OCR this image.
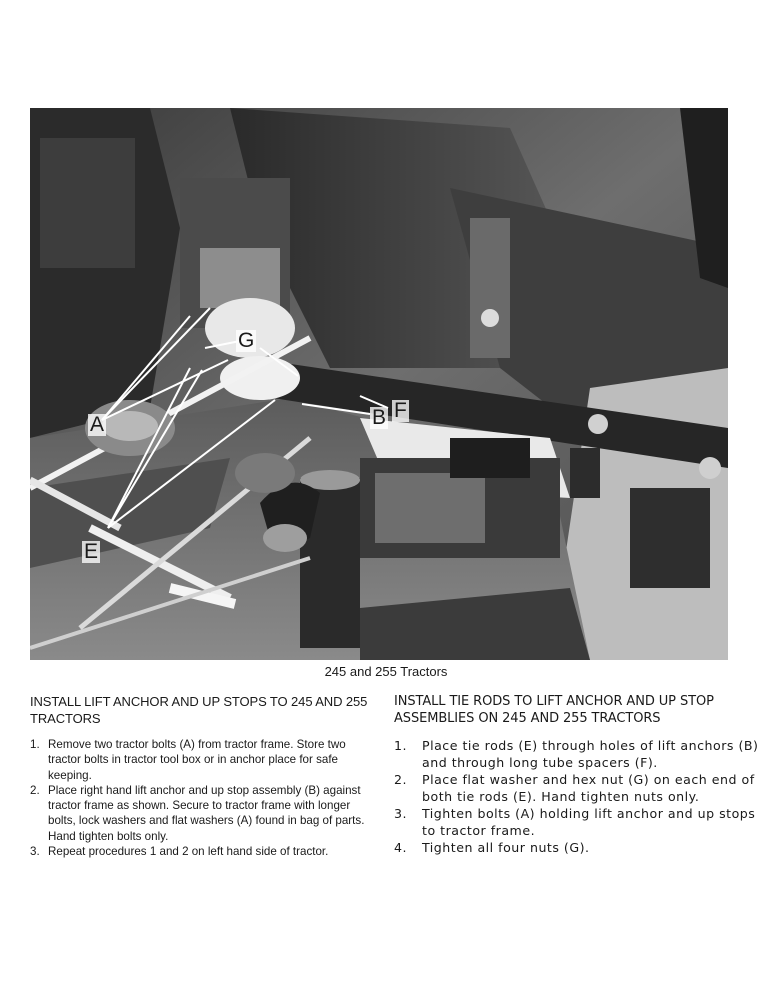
G
B F
A
E
245 and 255 Tractors
INSTALL LIFT ANCHOR AND UP STOPS TO 245 AND 255 TRACTORS
1. Remove two tractor bolts (A) from tractor frame. Store two tractor bolts in tractor tool box or in anchor place for safe keeping.
2. Place right hand lift anchor and up stop assembly (B) against tractor frame as shown. Secure to tractor frame with longer bolts, lock washers and flat washers (A) found in bag of parts. Hand tighten bolts only.
3. Repeat procedures 1 and 2 on left hand side of tractor.
INSTALL TIE RODS TO LIFT ANCHOR AND UP STOP ASSEMBLIES ON 245 AND 255 TRACTORS
1. Place tie rods (E) through holes of lift anchors (B) and through long tube spacers (F).
2. Place flat washer and hex nut (G) on each end of both tie rods (E). Hand tighten nuts only.
3. Tighten bolts (A) holding lift anchor and up stops to tractor frame.
4. Tighten all four nuts (G).
